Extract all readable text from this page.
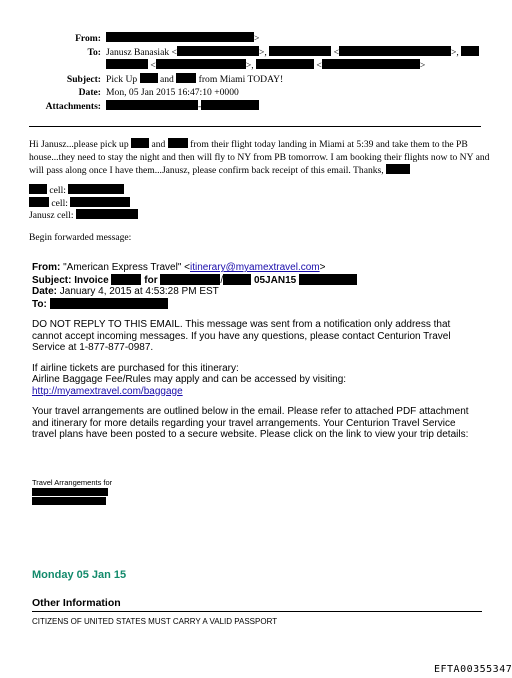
From:	>
To: Janusz Banasiak <	>,	<	>,
<	>,	<	>
Subject: Pick Up and	from Miami TODAY!
Date: Mon, 05 Jan 2015 16:47:10 +0000
Attachments:	-
Hi Janusz...please pick up and	from their flight today landing in Miami at 5:39 and take them to the PB house...they need to stay the night and then will fly to NY from PB tomorrow. I am booking their flights now to NY and will pass along once I have them...Janusz, please confirm back receipt of this email. Thanks,
cell:
cell:
Janusz cell:
Begin forwarded message:

From: "American Express Travel" <itinerary@myamextravel.com>
Subject: Invoice	for	/	05JAN15
Date: January 4, 2015 at 4:53:28 PM EST
To:

DO NOT REPLY TO THIS EMAIL. This message was sent from a notification only address that cannot accept incoming messages. If you have any questions, please contact Centurion Travel Service at 1-877-877-0987.

If airline tickets are purchased for this itinerary:
Airline Baggage Fee/Rules may apply and can be accessed by visiting:
http://myamextravel.com/baggage

Your travel arrangements are outlined below in the email. Please refer to attached PDF attachment and itinerary for more details regarding your travel arrangements. Your Centurion Travel Service travel plans have been posted to a secure website. Please click on the link to view your trip details:

Travel Arrangements for
Monday 05 Jan 15
Other Information
CITIZENS OF UNITED STATES MUST CARRY A VALID PASSPORT
EFTA00355347
